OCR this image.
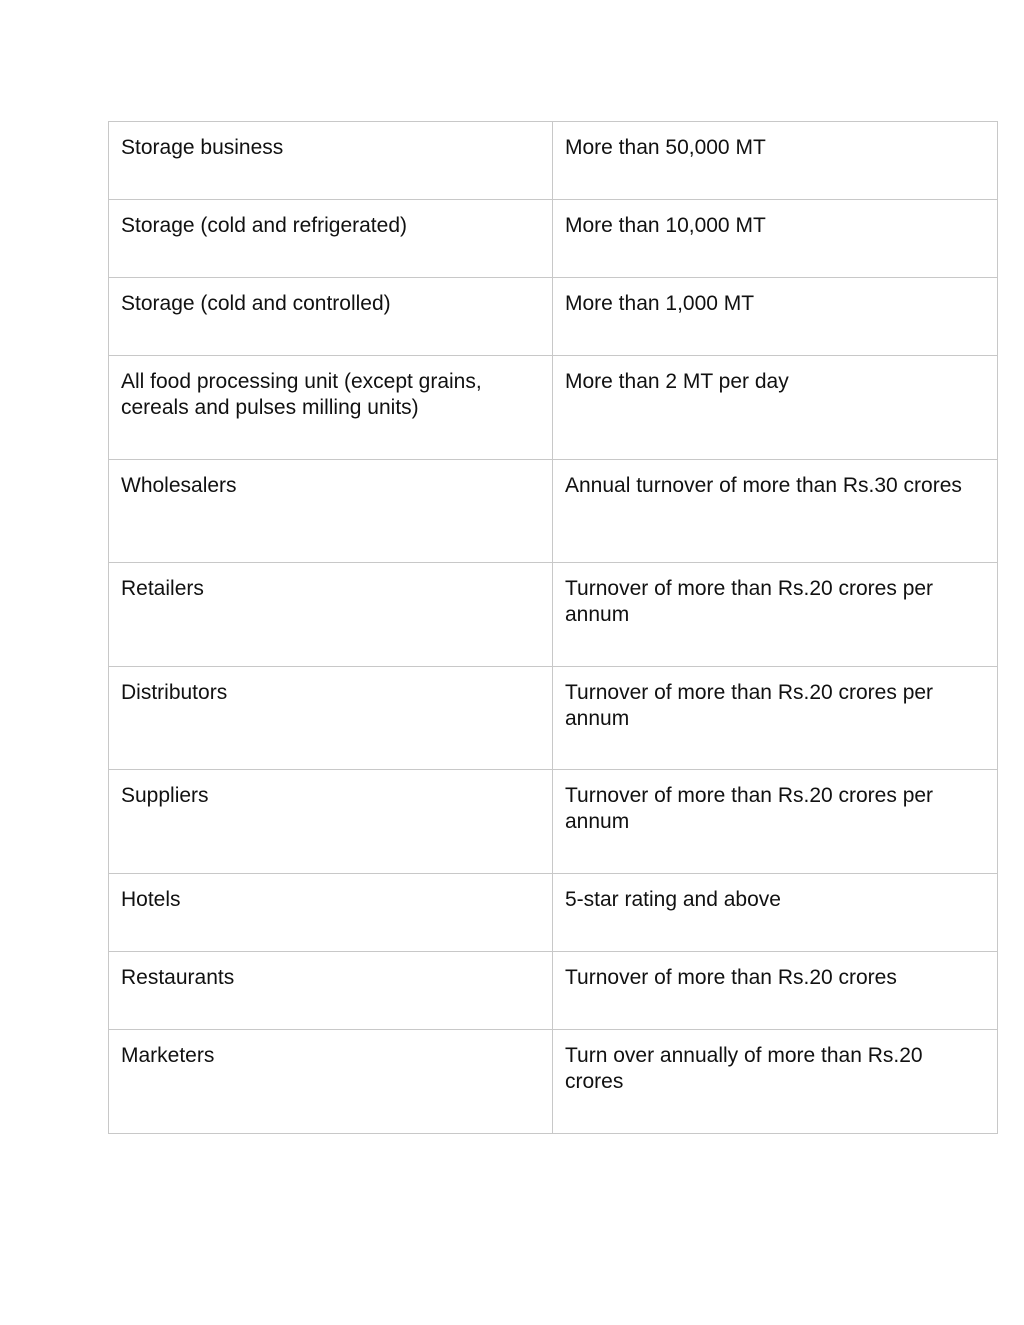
Storage business	More than 50,000 MT
Storage (cold and refrigerated)	More than 10,000 MT
Storage (cold and controlled)	More than 1,000 MT
All food processing unit (except grains, cereals and pulses milling units)	More than 2 MT per day
Wholesalers	Annual turnover of more than Rs.30 crores
Retailers	Turnover of more than Rs.20 crores per annum
Distributors	Turnover of more than Rs.20 crores per annum
Suppliers	Turnover of more than Rs.20 crores per annum
Hotels	5-star rating and above
Restaurants	Turnover of more than Rs.20 crores
Marketers	Turn over annually of more than Rs.20 crores
